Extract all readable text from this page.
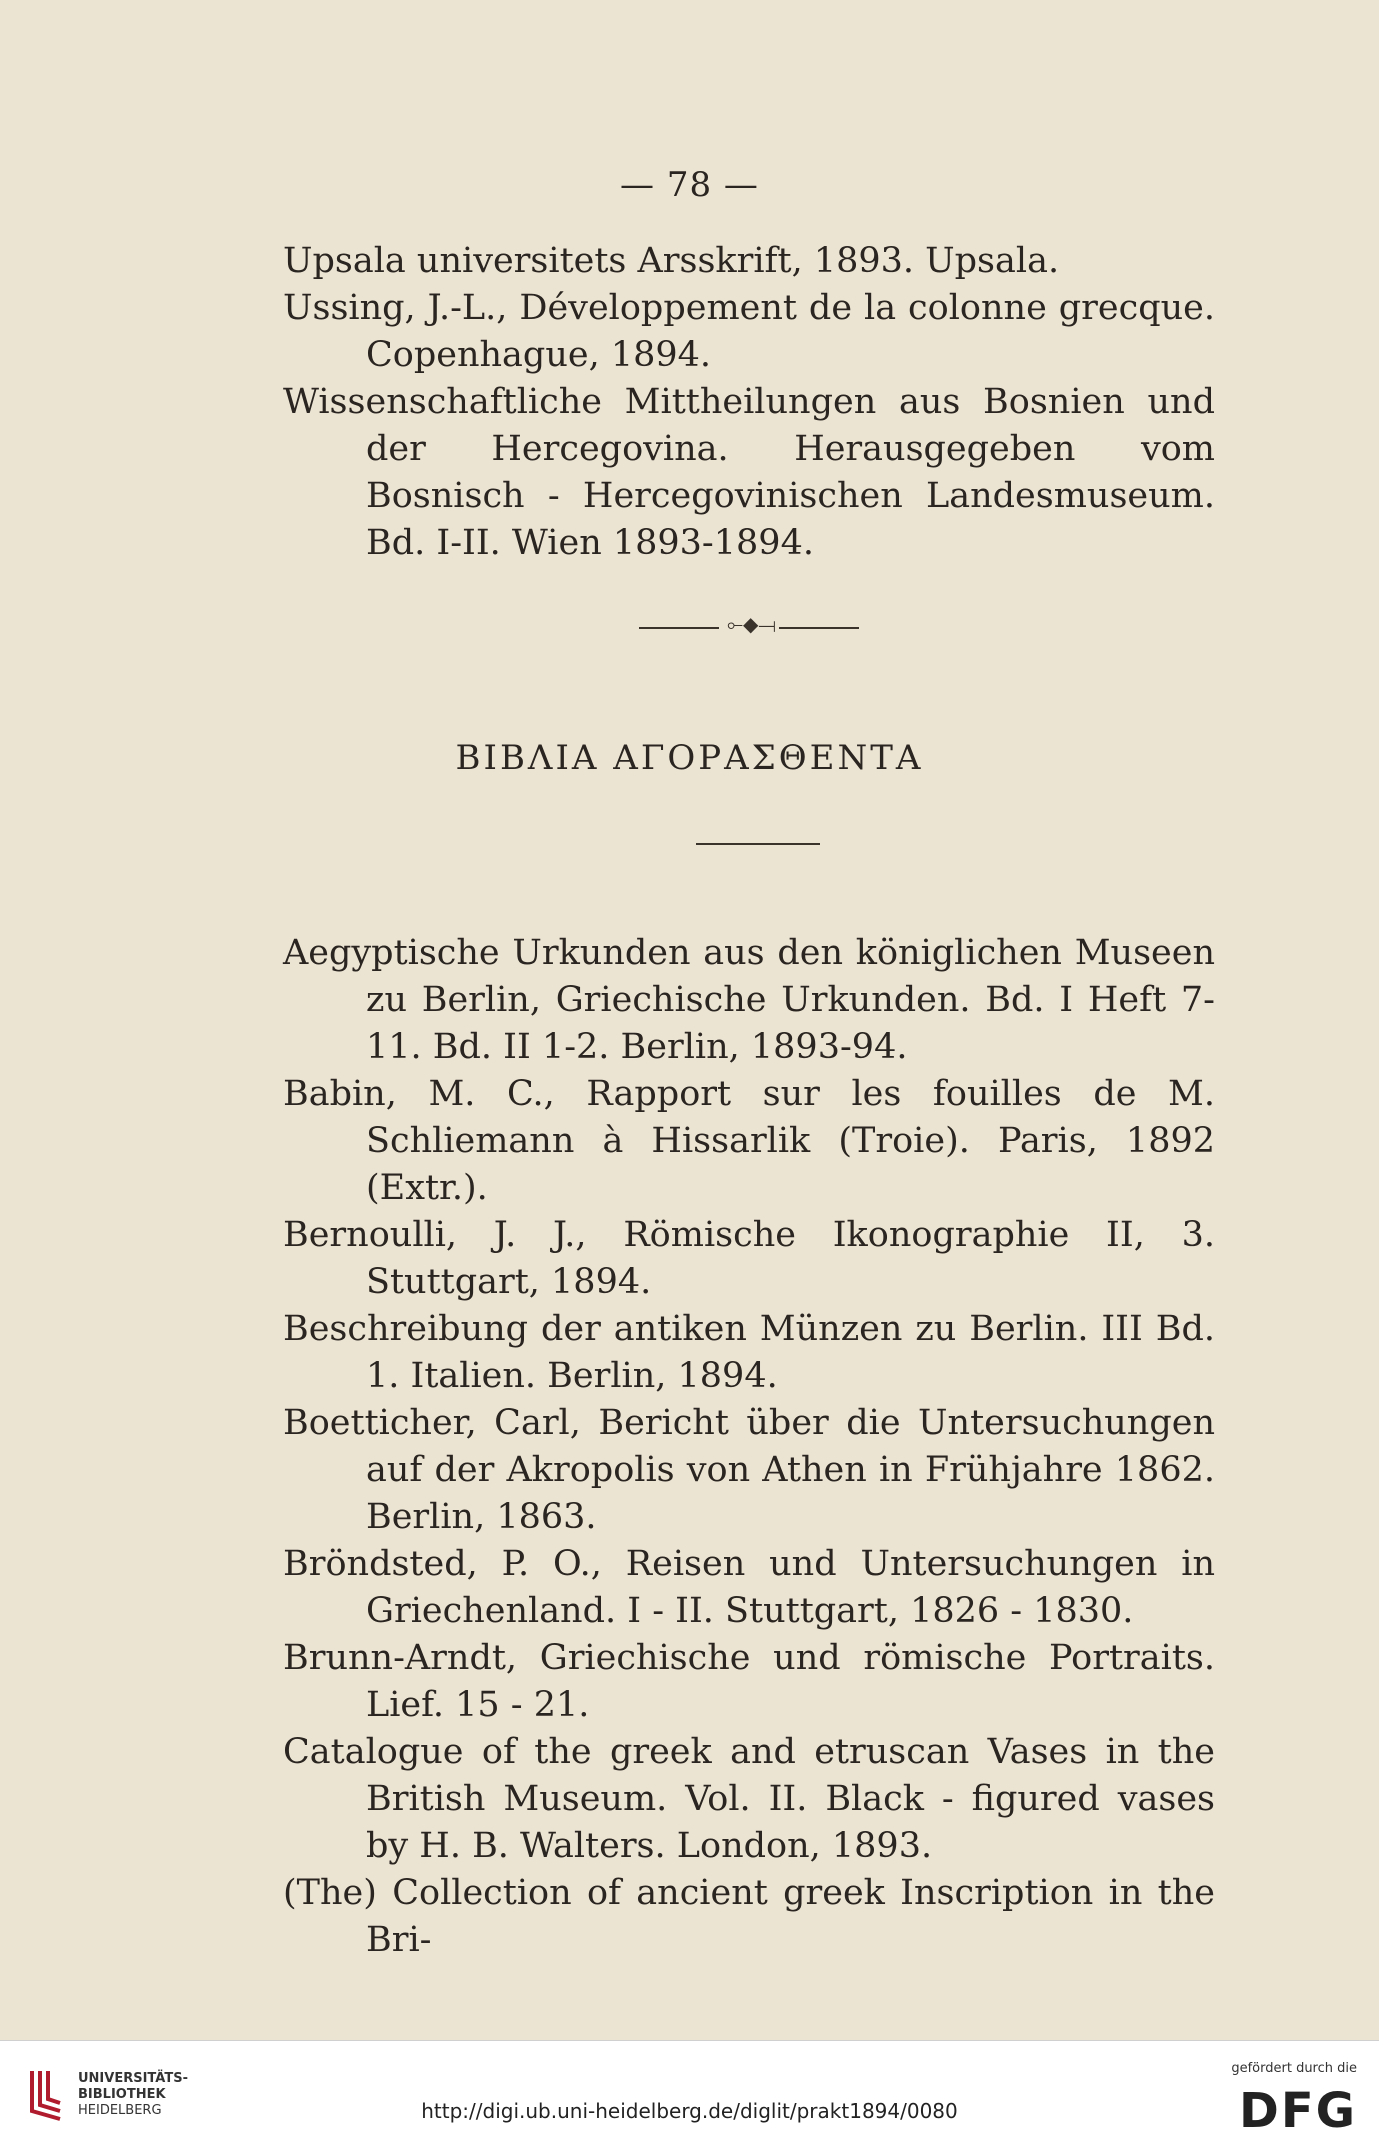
— 78 —

Upsala universitets Arsskrift, 1893. Upsala.

Ussing, J.-L., Développement de la colonne grecque. Copenhague, 1894.

Wissenschaftliche Mittheilungen aus Bosnien und der Hercegovina. Herausgegeben vom Bosnisch - Hercegovinischen Landesmuseum. Bd. I-II. Wien 1893-1894.

⟜◆⟞
ΒΙΒΛΙΑ ΑΓΟΡΑΣΘΕΝΤΑ

Aegyptische Urkunden aus den königlichen Museen zu Berlin, Griechische Urkunden. Bd. I Heft 7-11. Bd. II 1-2. Berlin, 1893-94.

Babin, M. C., Rapport sur les fouilles de M. Schliemann à Hissarlik (Troie). Paris, 1892 (Extr.).

Bernoulli, J. J., Römische Ikonographie II, 3. Stuttgart, 1894.

Beschreibung der antiken Münzen zu Berlin. III Bd. 1. Italien. Berlin, 1894.

Boetticher, Carl, Bericht über die Untersuchungen auf der Akropolis von Athen in Frühjahre 1862. Berlin, 1863.

Bröndsted, P. O., Reisen und Untersuchungen in Griechenland. I - II. Stuttgart, 1826 - 1830.

Brunn-Arndt, Griechische und römische Portraits. Lief. 15 - 21.

Catalogue of the greek and etruscan Vases in the British Museum. Vol. II. Black - figured vases by H. B. Walters. London, 1893.

(The) Collection of ancient greek Inscription in the Bri-

UNIVERSITÄTS-
BIBLIOTHEK
HEIDELBERG	http://digi.ub.uni-heidelberg.de/diglit/prakt1894/0080
gefördert durch die
DFG
